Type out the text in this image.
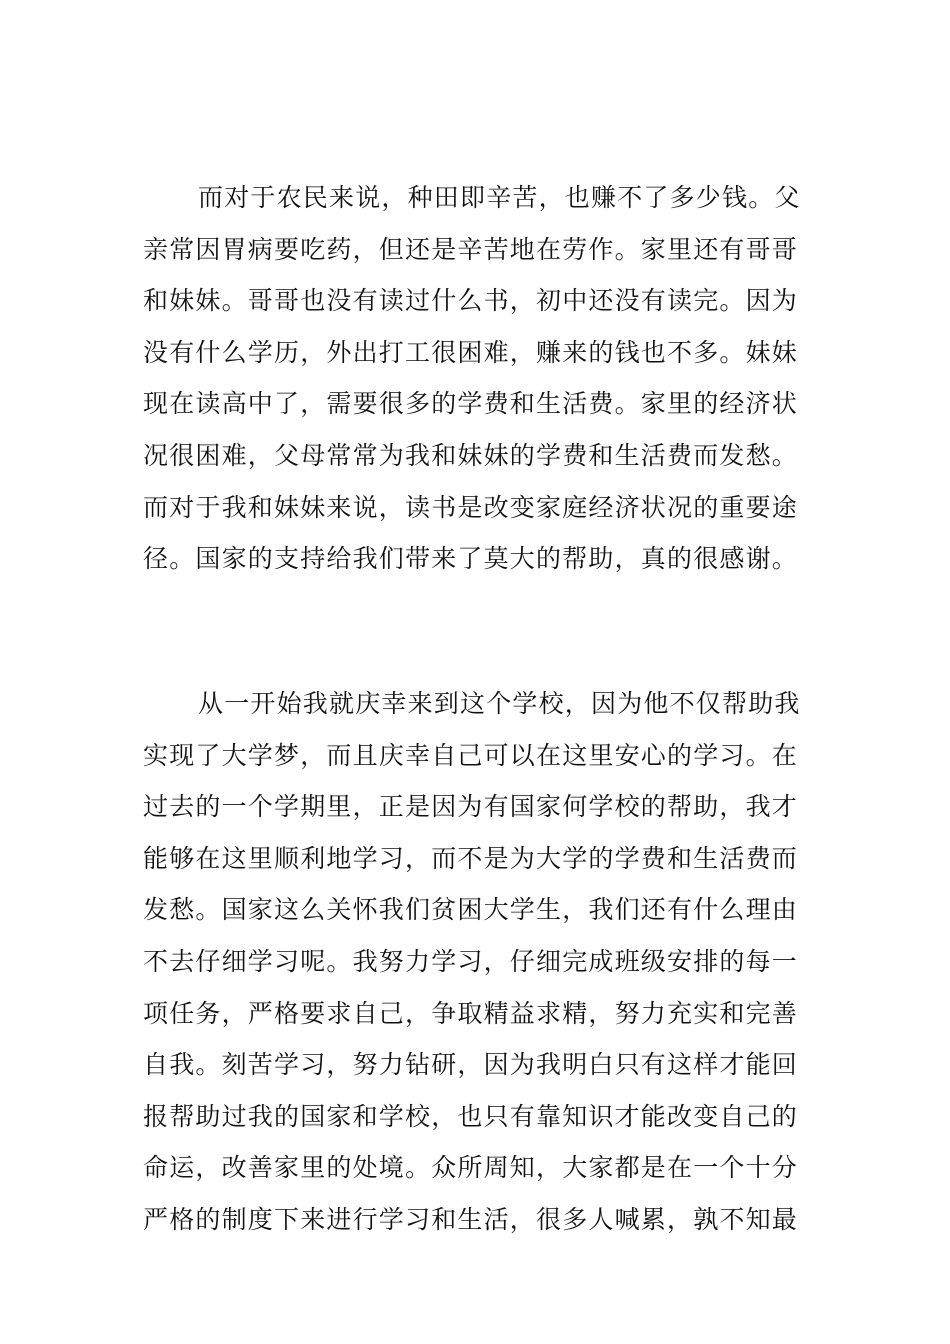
而对于农民来说，种田即辛苦，也赚不了多少钱。父
亲常因胃病要吃药，但还是辛苦地在劳作。家里还有哥哥
和妹妹。哥哥也没有读过什么书，初中还没有读完。因为
没有什么学历，外出打工很困难，赚来的钱也不多。妹妹
现在读高中了，需要很多的学费和生活费。家里的经济状
况很困难，父母常常为我和妹妹的学费和生活费而发愁。
而对于我和妹妹来说，读书是改变家庭经济状况的重要途
径。国家的支持给我们带来了莫大的帮助，真的很感谢。
从一开始我就庆幸来到这个学校，因为他不仅帮助我
实现了大学梦，而且庆幸自己可以在这里安心的学习。在
过去的一个学期里，正是因为有国家何学校的帮助，我才
能够在这里顺利地学习，而不是为大学的学费和生活费而
发愁。国家这么关怀我们贫困大学生，我们还有什么理由
不去仔细学习呢。我努力学习，仔细完成班级安排的每一
项任务，严格要求自己，争取精益求精，努力充实和完善
自我。刻苦学习，努力钻研，因为我明白只有这样才能回
报帮助过我的国家和学校，也只有靠知识才能改变自己的
命运，改善家里的处境。众所周知，大家都是在一个十分
严格的制度下来进行学习和生活，很多人喊累，孰不知最
